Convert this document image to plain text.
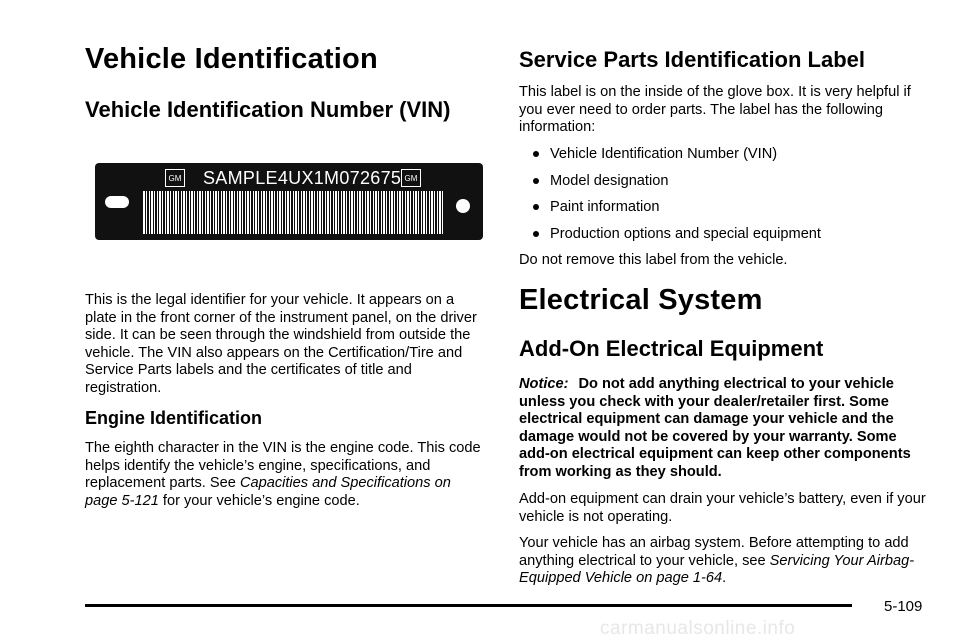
Vehicle Identification
Vehicle Identification Number (VIN)
GM SAMPLE4UX1M072675 GM

This is the legal identifier for your vehicle. It appears on a plate in the front corner of the instrument panel, on the driver side. It can be seen through the windshield from outside the vehicle. The VIN also appears on the Certification/Tire and Service Parts labels and the certificates of title and registration.

Engine Identification

The eighth character in the VIN is the engine code. This code helps identify the vehicle’s engine, specifications, and replacement parts. See Capacities and Specifications on page 5-121 for your vehicle’s engine code.

Service Parts Identification Label

This label is on the inside of the glove box. It is very helpful if you ever need to order parts. The label has the following information:

Vehicle Identification Number (VIN)
Model designation
Paint information
Production options and special equipment

Do not remove this label from the vehicle.

Electrical System
Add-On Electrical Equipment

Notice: Do not add anything electrical to your vehicle unless you check with your dealer/retailer first. Some electrical equipment can damage your vehicle and the damage would not be covered by your warranty. Some add-on electrical equipment can keep other components from working as they should.

Add-on equipment can drain your vehicle’s battery, even if your vehicle is not operating.

Your vehicle has an airbag system. Before attempting to add anything electrical to your vehicle, see Servicing Your Airbag-Equipped Vehicle on page 1-64.

5-109
carmanualsonline.info
